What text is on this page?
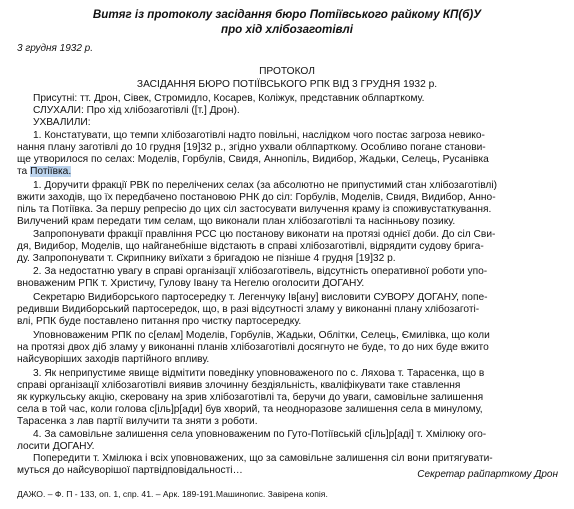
Витяг із протоколу засідання бюро Потіївського райкому КП(б)У
про хід хлібозаготівлі
3 грудня 1932 р.
ПРОТОКОЛ
ЗАСІДАННЯ БЮРО ПОТІЇВСЬКОГО РПК ВІД 3 ГРУДНЯ 1932 р.
Присутні: тт. Дрон, Сівек, Стромидло, Косарев, Коліжук, представник облпарткому.
СЛУХАЛИ: Про хід хлібозаготівлі ([т.] Дрон).
УХВАЛИЛИ:
1. Констатувати, що темпи хлібозаготівлі надто повільні, наслідком чого постає загроза невико-
нання плану заготівлі до 10 грудня [19]32 р., згідно ухвали облпарткому. Особливо погане станови-
ще утворилося по селах: Моделів, Горбулів, Свидя, Аннопіль, Видибор, Жадьки, Селець, Русанівка
та Потіївка.
1. Доручити фракції РВК по перелічених селах (за абсолютно не припустимий стан хлібозаготівлі)
вжити заходів, що їх передбачено постановою РНК до сіл: Горбулів, Моделів, Свидя, Видибор, Анно-
піль та Потіївка. За першу репресію до цих сіл застосувати вилучення краму із споживустаткування.
Вилучений крам передати тим селам, що виконали план хлібозаготівлі та насінньову позику.
Запропонувати фракції правління РСС цю постанову виконати на протязі однієї доби. До сіл Сви-
дя, Видибор, Моделів, що найганебніше відстають в справі хлібозаготівлі, відрядити судову брига-
ду. Запропонувати т. Скрипнику виїхати з бригадою не пізніше 4 грудня [19]32 р.
2. За недостатню увагу в справі організації хлібозаготівель, відсутність оперативної роботи упо-
вноваженим РПК т. Христичу, Гулову Івану та Негелю оголосити ДОГАНУ.
Секретарю Видиборського партосередку т. Легенчуку Ів[ану] висловити СУВОРУ ДОГАНУ, попе-
редивши Видиборський партосередок, що, в разі відсутності зламу у виконанні плану хлібозаготі-
влі, РПК буде поставлено питання про чистку партосередку.
Уповноваженим РПК по с[елам] Моделів, Горбулів, Жадьки, Облітки, Селець, Ємилівка, що коли
на протязі двох діб зламу у виконанні планів хлібозаготівлі досягнуто не буде, то до них буде вжито
найсуворіших заходів партійного впливу.
3. Як неприпустиме явище відмітити поведінку уповноваженого по с. Ляхова т. Тарасенка, що в
справі організації хлібозаготівлі виявив злочинну бездіяльність, кваліфікувати таке ставлення
як куркульську акцію, скеровану на зрив хлібозаготівлі та, беручи до уваги, самовільне залишення
села в той час, коли голова с[іль]р[ади] був хворий, та неодноразове залишення села в минулому,
Тарасенка з лав партії вилучити та зняти з роботи.
4. За самовільне залишення села уповноваженим по Гуто-Потіївській с[іль]р[аді] т. Хмілюку ого-
лосити ДОГАНУ.
Попередити т. Хмілюка і всіх уповноважених, що за самовільне залишення сіл вони притягувати-
муться до найсуворішої партвідповідальності…	Секретар райпарткому Дрон
ДАЖО. – Ф. П - 133, оп. 1, спр. 41. – Арк. 189-191.Машинопис. Завірена копія.
